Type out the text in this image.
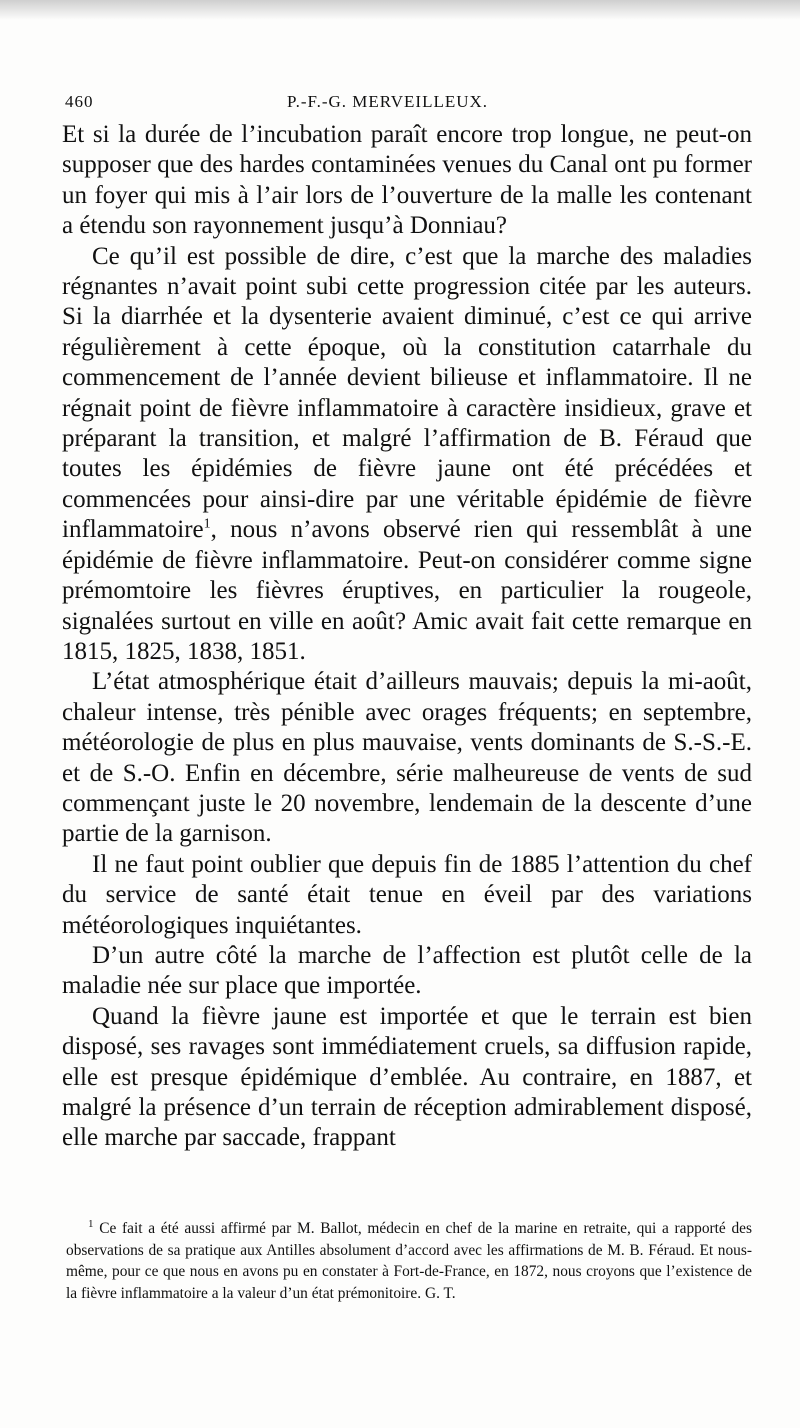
460	P.-F.-G. MERVEILLEUX.

Et si la durée de l’incubation paraît encore trop longue, ne peut-on supposer que des hardes contaminées venues du Canal ont pu former un foyer qui mis à l’air lors de l’ouverture de la malle les contenant a étendu son rayonnement jusqu’à Donniau?

Ce qu’il est possible de dire, c’est que la marche des maladies régnantes n’avait point subi cette progression citée par les auteurs. Si la diarrhée et la dysenterie avaient diminué, c’est ce qui arrive régulièrement à cette époque, où la constitution catarrhale du commencement de l’année devient bilieuse et inflammatoire. Il ne régnait point de fièvre inflammatoire à caractère insidieux, grave et préparant la transition, et malgré l’affirmation de B. Féraud que toutes les épidémies de fièvre jaune ont été précédées et commencées pour ainsi-dire par une véritable épidémie de fièvre inflammatoire$^1$, nous n’avons observé rien qui ressemblât à une épidémie de fièvre inflammatoire. Peut-on considérer comme signe prémomtoire les fièvres éruptives, en particulier la rougeole, signalées surtout en ville en août? Amic avait fait cette remarque en 1815, 1825, 1838, 1851.

L’état atmosphérique était d’ailleurs mauvais; depuis la mi-août, chaleur intense, très pénible avec orages fréquents; en septembre, météorologie de plus en plus mauvaise, vents dominants de S.-S.-E. et de S.-O. Enfin en décembre, série malheureuse de vents de sud commençant juste le 20 novembre, lendemain de la descente d’une partie de la garnison.

Il ne faut point oublier que depuis fin de 1885 l’attention du chef du service de santé était tenue en éveil par des variations météorologiques inquiétantes.

D’un autre côté la marche de l’affection est plutôt celle de la maladie née sur place que importée.

Quand la fièvre jaune est importée et que le terrain est bien disposé, ses ravages sont immédiatement cruels, sa diffusion rapide, elle est presque épidémique d’emblée. Au contraire, en 1887, et malgré la présence d’un terrain de réception admirablement disposé, elle marche par saccade, frappant

$^1$ Ce fait a été aussi affirmé par M. Ballot, médecin en chef de la marine en retraite, qui a rapporté des observations de sa pratique aux Antilles absolument d’accord avec les affirmations de M. B. Féraud. Et nous-même, pour ce que nous en avons pu en constater à Fort-de-France, en 1872, nous croyons que l’existence de la fièvre inflammatoire a la valeur d’un état prémonitoire. G. T.
